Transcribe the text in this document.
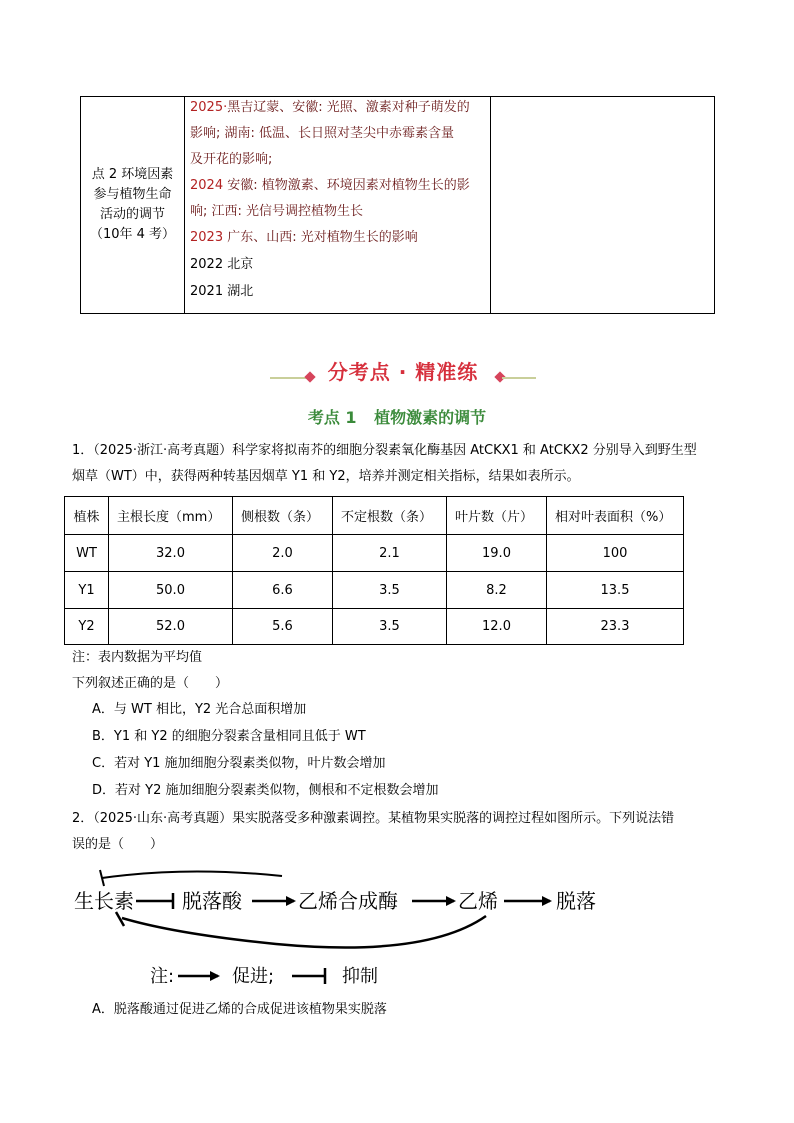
点 2 环境因素
参与植物生命
活动的调节
（10年 4 考）

2025·黑吉辽蒙、安徽: 光照、激素对种子萌发的
影响; 湖南: 低温、长日照对茎尖中赤霉素含量
及开花的影响;
2024 安徽: 植物激素、环境因素对植物生长的影
响; 江西: 光信号调控植物生长
2023 广东、山西: 光对植物生长的影响
2022 北京
2021 湖北

分考点 · 精准练
考点 1 植物激素的调节
1．（2025·浙江·高考真题）科学家将拟南芥的细胞分裂素氧化酶基因 AtCKX1 和 AtCKX2 分别导入到野生型
烟草（WT）中，获得两种转基因烟草 Y1 和 Y2，培养并测定相关指标，结果如表所示。
植株	主根长度（mm）	侧根数（条）	不定根数（条）	叶片数（片）	相对叶表面积（%）
WT	32.0	2.0	2.1	19.0	100
Y1	50.0	6.6	3.5	8.2	13.5
Y2	52.0	5.6	3.5	12.0	23.3
注：表内数据为平均值
下列叙述正确的是（　　）
A．与 WT 相比，Y2 光合总面积增加
B．Y1 和 Y2 的细胞分裂素含量相同且低于 WT
C．若对 Y1 施加细胞分裂素类似物，叶片数会增加
D．若对 Y2 施加细胞分裂素类似物，侧根和不定根数会增加
2．（2025·山东·高考真题）果实脱落受多种激素调控。某植物果实脱落的调控过程如图所示。下列说法错
误的是（　　）
生长素 脱落酸	乙烯合成酶	乙烯	脱落
注:	促进;	抑制
A．脱落酸通过促进乙烯的合成促进该植物果实脱落
